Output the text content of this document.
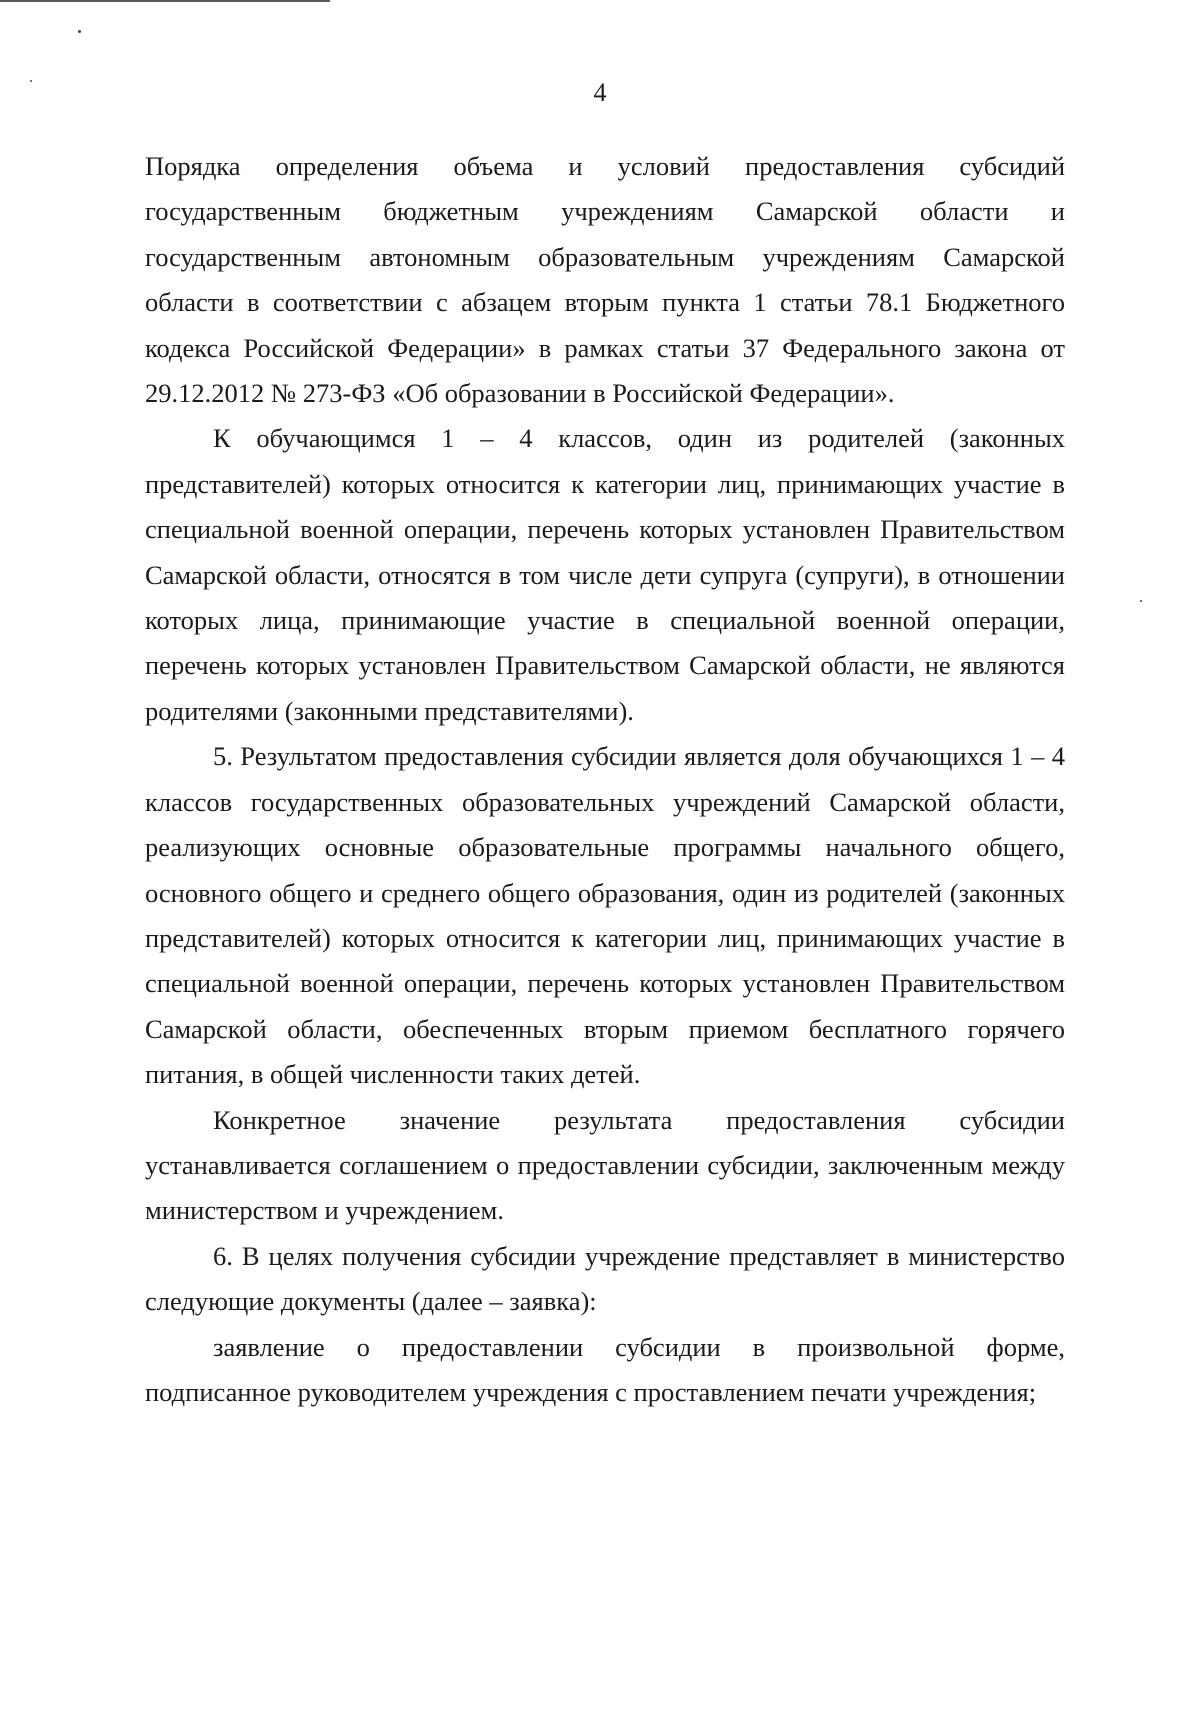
4

Порядка определения объема и условий предоставления субсидий государственным бюджетным учреждениям Самарской области и государственным автономным образовательным учреждениям Самарской области в соответствии с абзацем вторым пункта 1 статьи 78.1 Бюджетного кодекса Российской Федерации» в рамках статьи 37 Федерального закона от 29.12.2012 № 273-ФЗ «Об образовании в Российской Федерации».

К обучающимся 1 – 4 классов, один из родителей (законных представителей) которых относится к категории лиц, принимающих участие в специальной военной операции, перечень которых установлен Правительством Самарской области, относятся в том числе дети супруга (супруги), в отношении которых лица, принимающие участие в специальной военной операции, перечень которых установлен Правительством Самарской области, не являются родителями (законными представителями).

5. Результатом предоставления субсидии является доля обучающихся 1 – 4 классов государственных образовательных учреждений Самарской области, реализующих основные образовательные программы начального общего, основного общего и среднего общего образования, один из родителей (законных представителей) которых относится к категории лиц, принимающих участие в специальной военной операции, перечень которых установлен Правительством Самарской области, обеспеченных вторым приемом бесплатного горячего питания, в общей численности таких детей.

Конкретное значение результата предоставления субсидии устанавливается соглашением о предоставлении субсидии, заключенным между министерством и учреждением.

6. В целях получения субсидии учреждение представляет в министерство следующие документы (далее – заявка):

заявление о предоставлении субсидии в произвольной форме, подписанное руководителем учреждения с проставлением печати учреждения;
